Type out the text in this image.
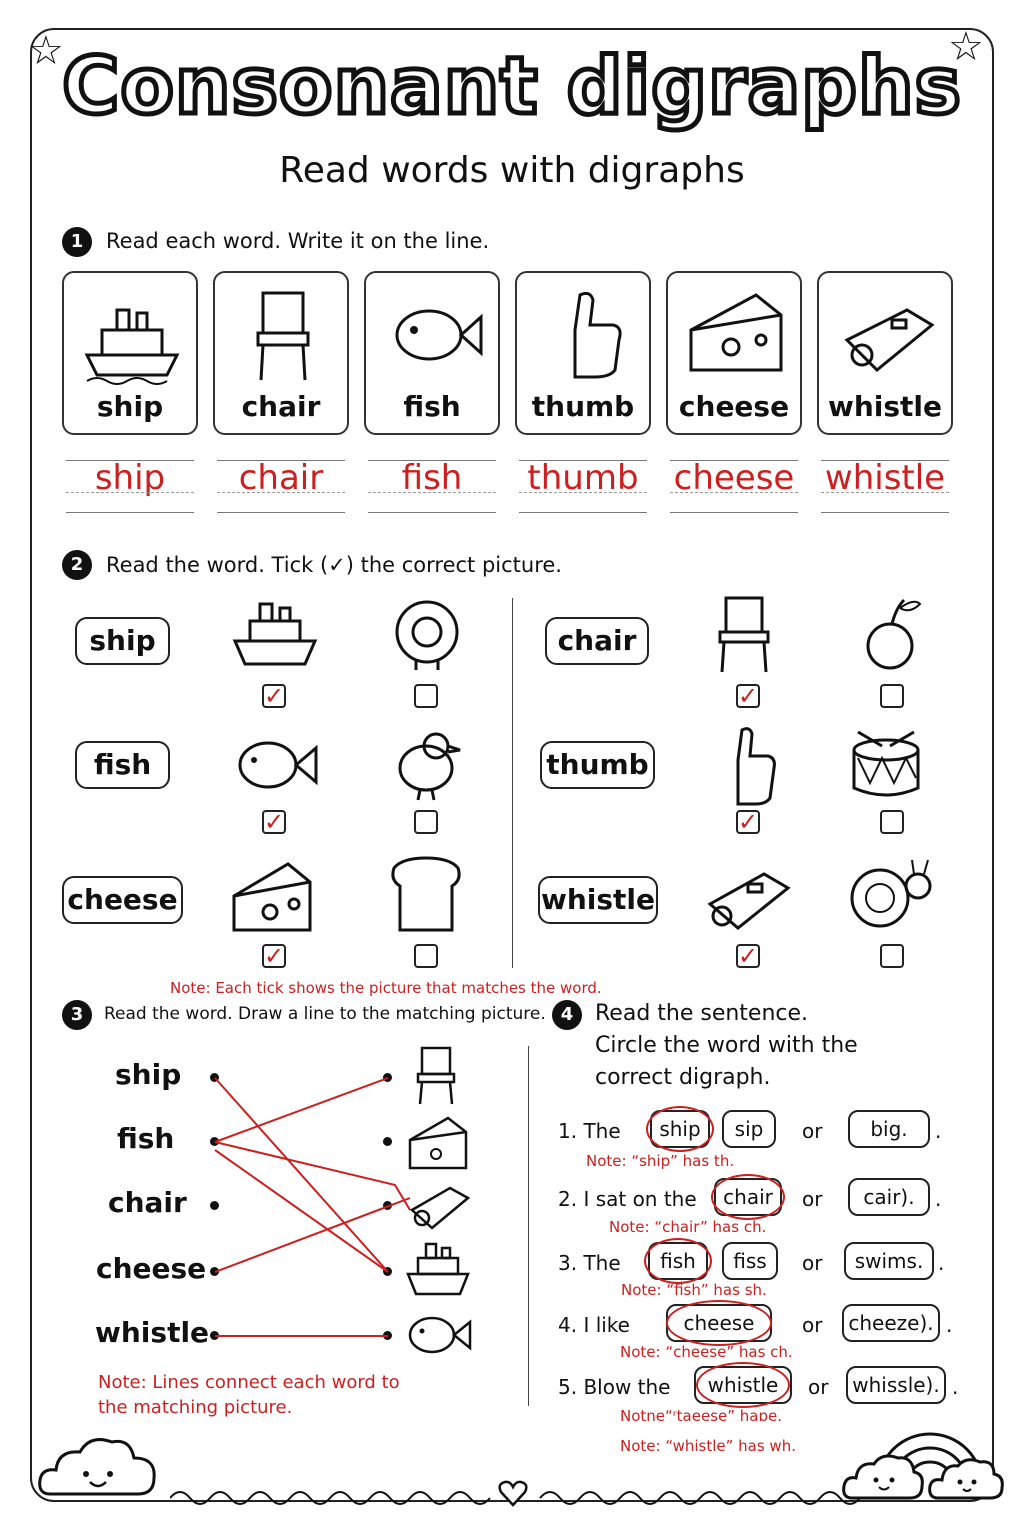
☆	☆
Consonant digraphs
Read words with digraphs
1	Read each word. Write it on the line.
ship	chair	fish	thumb	cheese	whistle
ship	chair	fish	thumb	cheese whistle
2	Read the word. Tick (✓) the correct picture.
ship
✓
chair
✓
fish
✓
thumb
✓
cheese
✓
whistle
✓
Note: Each tick shows the picture that matches the word.
3	Read the word. Draw a line to the matching picture.
ship
fish
chair
cheese
whistle
Note: Lines connect each word to
the matching picture.
4 Read the sentence.
Circle the word with the
correct digraph.
1. The	ship	sip	or	big.	.
Note: “ship” has th.
2. I sat on the	chair	or	cair).	.
Note: “chair” has ch.
3. The	fish	fiss	or	swims. .
Note: “fish” has sh.
4. I like	cheese	or	cheeze). .
Note: “cheese” has ch.
5. Blow the	whistle	or	whissle). .
Notne“ʳtaeese” haɒe.
Note: “whistle” has wh.
